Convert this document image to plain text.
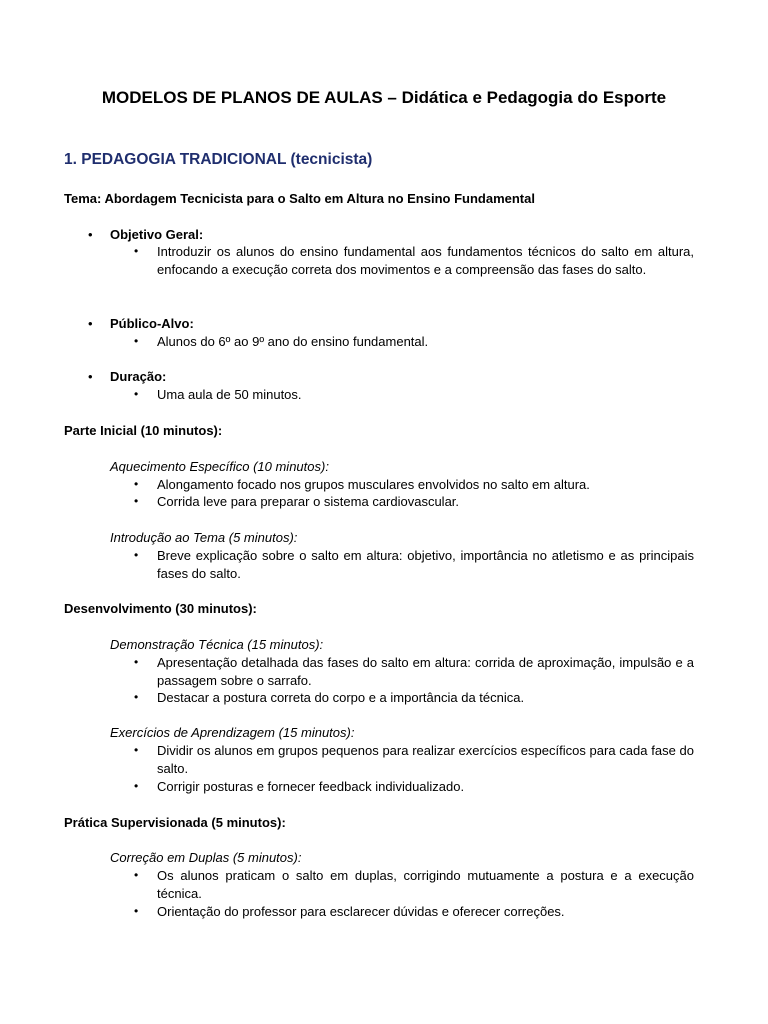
MODELOS DE PLANOS DE AULAS – Didática e Pedagogia do Esporte
1. PEDAGOGIA TRADICIONAL (tecnicista)
Tema: Abordagem Tecnicista para o Salto em Altura no Ensino Fundamental
• Objetivo Geral:
• Introduzir os alunos do ensino fundamental aos fundamentos técnicos do salto em altura, enfocando a execução correta dos movimentos e a compreensão das fases do salto.
• Público-Alvo:
• Alunos do 6º ao 9º ano do ensino fundamental.
• Duração:
• Uma aula de 50 minutos.
Parte Inicial (10 minutos):
Aquecimento Específico (10 minutos):
• Alongamento focado nos grupos musculares envolvidos no salto em altura.
• Corrida leve para preparar o sistema cardiovascular.
Introdução ao Tema (5 minutos):
• Breve explicação sobre o salto em altura: objetivo, importância no atletismo e as principais fases do salto.
Desenvolvimento (30 minutos):
Demonstração Técnica (15 minutos):
• Apresentação detalhada das fases do salto em altura: corrida de aproximação, impulsão e a passagem sobre o sarrafo.
• Destacar a postura correta do corpo e a importância da técnica.
Exercícios de Aprendizagem (15 minutos):
• Dividir os alunos em grupos pequenos para realizar exercícios específicos para cada fase do salto.
• Corrigir posturas e fornecer feedback individualizado.
Prática Supervisionada (5 minutos):
Correção em Duplas (5 minutos):
• Os alunos praticam o salto em duplas, corrigindo mutuamente a postura e a execução técnica.
• Orientação do professor para esclarecer dúvidas e oferecer correções.
